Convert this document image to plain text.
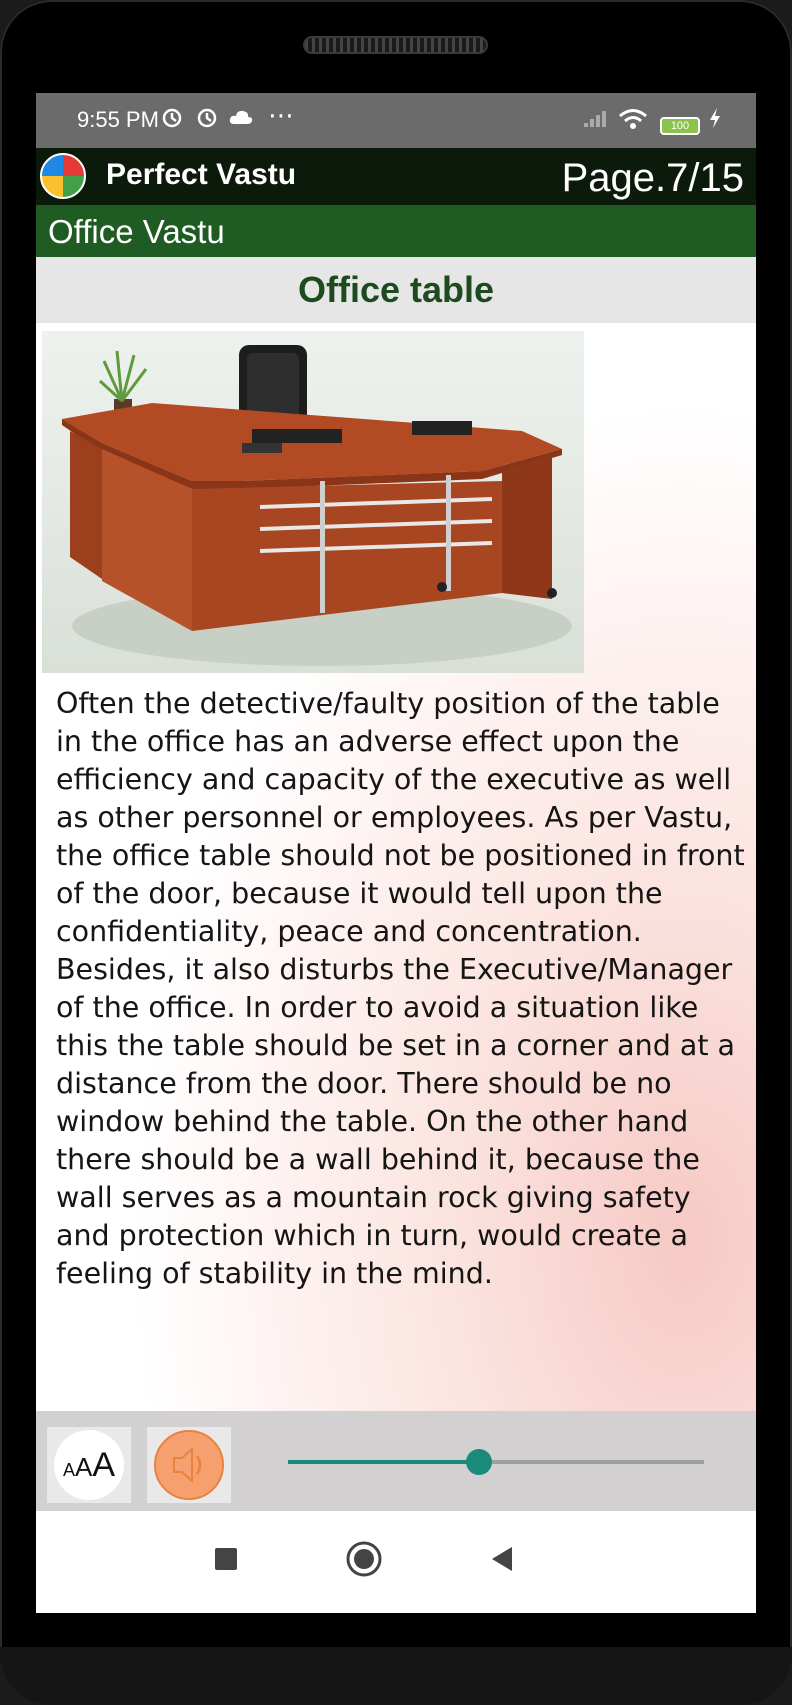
9:55 PM	⋯	100
Perfect Vastu	Page.7/15
Office Vastu
Office table

Often the detective/faulty position of the table in the office has an adverse effect upon the efficiency and capacity of the executive as well as other personnel or employees. As per Vastu, the office table should not be positioned in front of the door, because it would tell upon the confidentiality, peace and concentration. Besides, it also disturbs the Executive/Manager of the office. In order to avoid a situation like this the table should be set in a corner and at a distance from the door. There should be no window behind the table. On the other hand there should be a wall behind it, because the wall serves as a mountain rock giving safety and protection which in turn, would create a feeling of stability in the mind.

AAA
